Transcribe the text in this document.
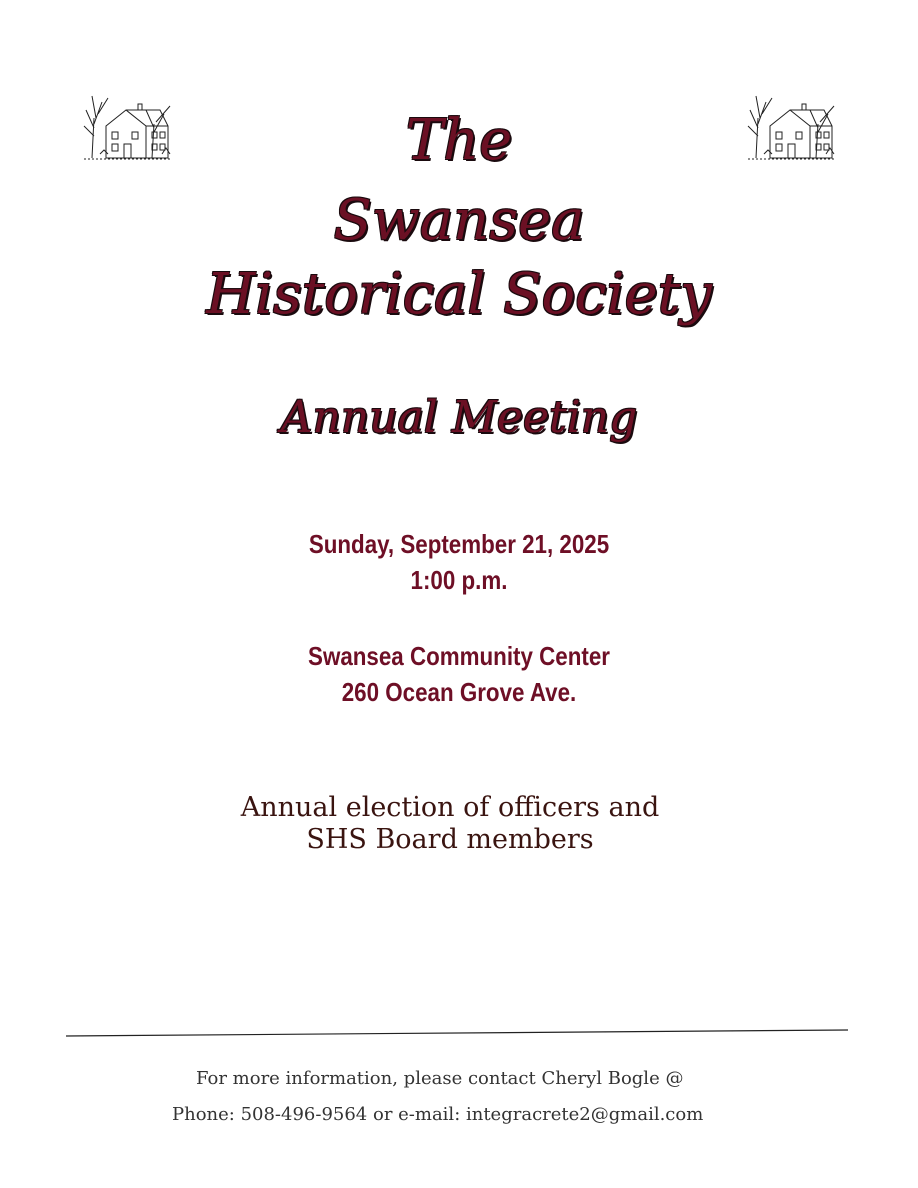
The
Swansea
Historical Society
Annual Meeting
Sunday, September 21, 2025
1:00 p.m.
Swansea Community Center
260 Ocean Grove Ave.
Annual election of officers and
SHS Board members
For more information, please contact Cheryl Bogle @
Phone: 508-496-9564 or e-mail: integracrete2@gmail.com
